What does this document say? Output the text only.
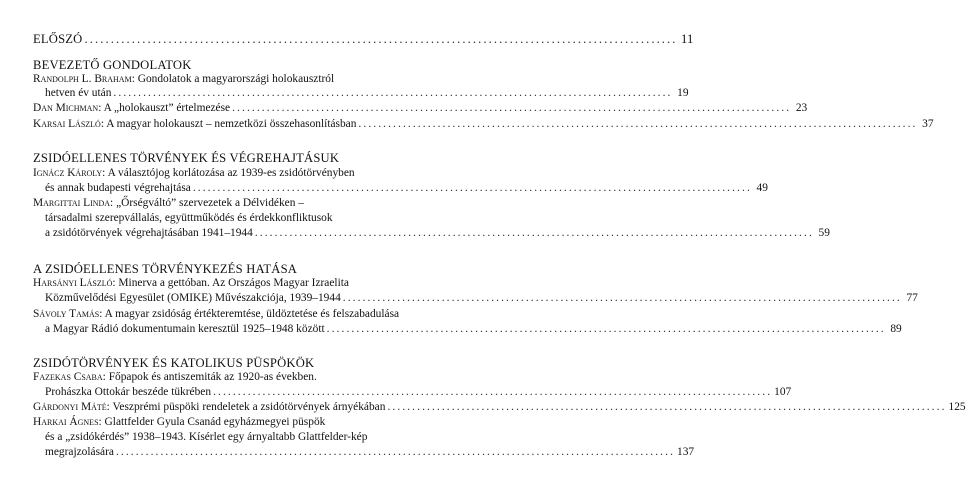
ELŐSZÓ ................................................................................................................. 11
BEVEZETŐ GONDOLATOK
Randolph L. Braham: Gondolatok a magyarországi holokausztról
hetven év után ................................................................................................................. 19
Dan Michman: A „holokauszt” értelmezése ................................................................................................................. 23
Karsai László: A magyar holokauszt – nemzetközi összehasonlításban ................................................................................................................. 37
ZSIDÓELLENES TÖRVÉNYEK ÉS VÉGREHAJTÁSUK
Ignácz Károly: A választójog korlátozása az 1939-es zsidótörvényben
és annak budapesti végrehajtása ................................................................................................................. 49
Margittai Linda: „Őrségváltó” szervezetek a Délvidéken –
társadalmi szerepvállalás, együttműködés és érdekkonfliktusok
a zsidótörvények végrehajtásában 1941–1944 ................................................................................................................. 59
A ZSIDÓELLENES TÖRVÉNYKEZÉS HATÁSA
Harsányi László: Minerva a gettóban. Az Országos Magyar Izraelita
Közművelődési Egyesület (OMIKE) Művészakciója, 1939–1944 ................................................................................................................. 77
Sávoly Tamás: A magyar zsidóság értékteremtése, üldöztetése és felszabadulása
a Magyar Rádió dokumentumain keresztül 1925–1948 között ................................................................................................................. 89
ZSIDÓTÖRVÉNYEK ÉS KATOLIKUS PÜSPÖKÖK
Fazekas Csaba: Főpapok és antiszemiták az 1920-as években.
Prohászka Ottokár beszéde tükrében ................................................................................................................. 107
Gárdonyi Máté: Veszprémi püspöki rendeletek a zsidótörvények árnyékában ................................................................................................................. 125
Harkai Ágnes: Glattfelder Gyula Csanád egyházmegyei püspök
és a „zsidókérdés” 1938–1943. Kísérlet egy árnyaltabb Glattfelder-kép
megrajzolására ................................................................................................................. 137
